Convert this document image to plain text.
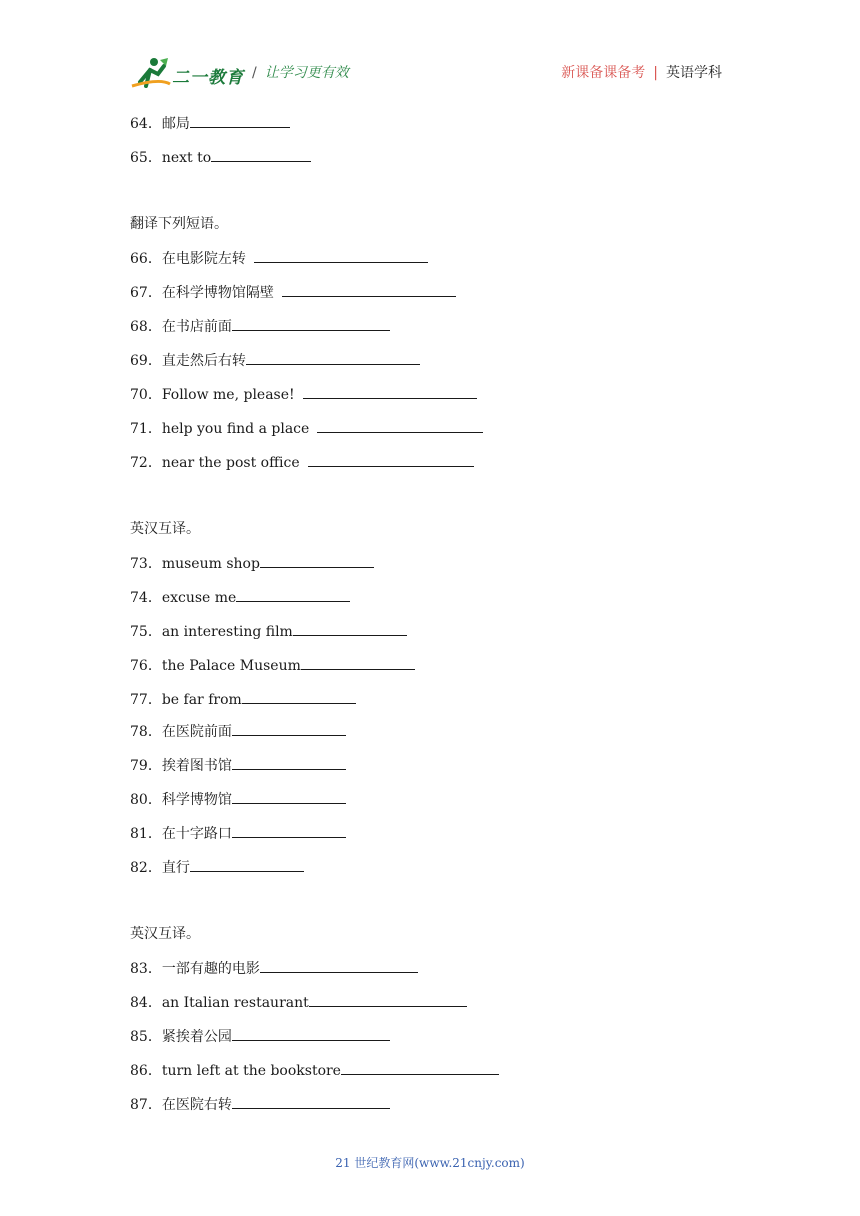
二一教育 / 让学习更有效	新课备课备考 | 英语学科
64．邮局
65．next to
翻译下列短语。
66．在电影院左转
67．在科学博物馆隔壁
68．在书店前面
69．直走然后右转
70．Follow me, please!
71．help you find a place
72．near the post office
英汉互译。
73．museum shop
74．excuse me
75．an interesting film
76．the Palace Museum
77．be far from
78．在医院前面
79．挨着图书馆
80．科学博物馆
81．在十字路口
82．直行
英汉互译。
83．一部有趣的电影
84．an Italian restaurant
85．紧挨着公园
86．turn left at the bookstore
87．在医院右转
21 世纪教育网(www.21cnjy.com)
